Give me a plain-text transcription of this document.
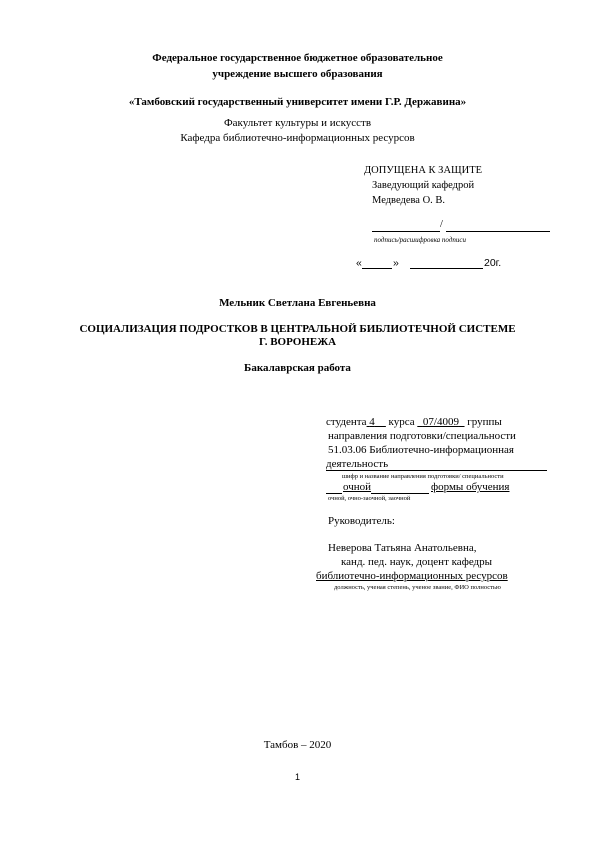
Федеральное государственное бюджетное образовательное
учреждение высшего образования
«Тамбовский государственный университет имени Г.Р. Державина»
Факультет культуры и искусств
Кафедра библиотечно-информационных ресурсов
ДОПУЩЕНА К ЗАЩИТЕ
Заведующий кафедрой
Медведева О. В.
/
подпись/расшифровка подписи
«	»	20г.
Мельник Светлана Евгеньевна
СОЦИАЛИЗАЦИЯ ПОДРОСТКОВ В ЦЕНТРАЛЬНОЙ БИБЛИОТЕЧНОЙ СИСТЕМЕ
Г. ВОРОНЕЖА
Бакалаврская работа
студента 4__ курса _07/4009_ группы
направления подготовки/специальности
51.03.06 Библиотечно-информационная
деятельность
шифр и название направления подготовки/ специальности
очной	формы обучения
очной, очно-заочной, заочной
Руководитель:
Неверова Татьяна Анатольевна,
канд. пед. наук, доцент кафедры
библиотечно-информационных ресурсов
должность, ученая степень, ученое звание, ФИО полностью
Тамбов – 2020
1
